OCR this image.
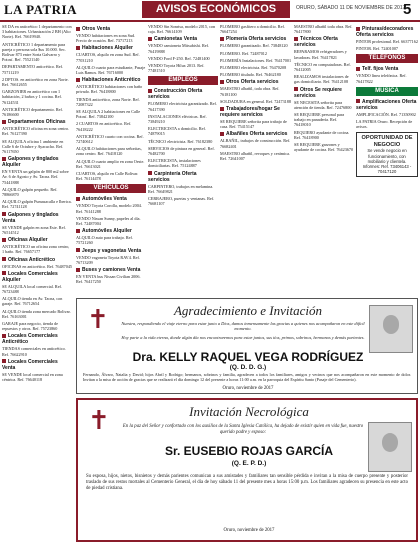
LA PATRIA	AVISOS ECONÓMICOS	ORURO, SÁBADO 11 DE NOVIEMBRE DE 2017
5
SE DA en anticrético 1 departamento con 3 habitaciones. Urbanización 2 BH (Alto Norte). Ref. 76619940.
ANTICRÉTICO 1 departamento para pareja o persona sola $us 10.000. Sec. Bolivar 873 entre Soria Galvarro y Potosí. Ref. 75521140
DEPARTAMENTO anticrético. Ref. 75711219
2 DPTOS. en anticrético en zona Norte. Ref. 76612655
GARZONIER en anticrético con 1 habitación, 2 baños y 1 cocina. Ref. 76124531
ANTICRÉTICO departamento. Ref. 76186600
Departamentos Oficinas
ANTICRÉTICO oficina en zona centro. Ref. 76127390
SE ALQUILA oficina 1 ambiente en Calle 6 de Octubre y Ayacucho. Ref. 76117650
Galpones y tinglados Alquiler
EN VENTA un galpón de 800 m2 sobre Av. 6 de Agosto y Av. Tacna. Ref. 75441888
ALQUILO galpón pequeño. Ref. 78866870
ALQUILO galpón Pumasacalla e Iberica. Ref. 72741128
Galpones y tinglados Venta
SE VENDE galpón en zona Este. Ref. 76514512
Oficinas Alquiler
ANTICRÉTICO un oficina zona centro, 1 baño. Ref. 76657177
Oficinas Anticrético
OFICINAS en anticrético. Ref. 76487045
Locales Comerciales Alquiler
SE ALQUILA local comercial. Ref. 76723488
ALQUILO tienda en Av. Tacna, con garaje. Ref. 76712654
ALQUILO tienda zona mercado Bolivar. Ref. 76163001
GARAJE para negocio, tienda de repuestos y otros. Ref. 75723860
Locales Comerciales Anticrético
TIENDAS comerciales en anticrético. Ref. 76622910
Locales Comerciales Venta
SE VENDE local comercial en zona céntrica. Ref. 76640118
Otros Venta
VENDO habitaciones en zona Sud. Precio de ocasión. Ref. 73717213
Habitaciones Alquiler
CUARTOS, alquilo en zona Sud. Ref. 77031210
ALQUILO cuarto para estudiante, Pasaje Luis Ramos. Ref. 76716000
Habitaciones Anticrético
ANTICRÉTICO habitaciones con baño privado. Ref. 76418800
TIENDA anticrético, zona Norte. Ref. 72087322
SE ALQUILA 2 habitaciones en Calle Potosí. Ref. 73842100
2 CUARTOS en anticrético. Ref. 76418222
ANTICRÉTICO cuarto con cocina. Ref. 72740612
ALQUILO habitaciones para señoritas, zona centro. Ref. 76418120
ALQUILO cuarto amplio en zona Oeste. Ref. 76613021
CUARTOS, alquilo en Calle Bolivar. Ref. 76114478
VEHÍCULOS
Automóviles Venta
VENDO Toyota Corolla, modelo 2004. Ref. 76141288
VENDO Nissan Sunny, papeles al día. Ref. 72487004
Automóviles Alquiler
ALQUILO auto para trabajo. Ref. 75721260
Jeeps y vagonetas Venta
VENDO vagoneta Toyota RAV4. Ref. 76713209
Buses y camiones Venta
EN VENTA bus Nissan Civilian 2006. Ref. 76417250
VENDO Sin Sonrisa, modelo 2015, con caja. Ref. 76614109
Camionetas Venta
VENDO camioneta Mitsubishi. Ref. 76419888
VENDO Ford F-250. Ref. 72481400
VENDO Toyota Hilux 2013. Ref. 77481510
EMPLEOS
Construcción Oferta servicios
PLOMERO electricista garantizado. Ref. 76417390
INSTALACIONES eléctricas. Ref. 73849210
ELECTRICISTA a domicilio. Ref. 74879015
TÉCNICO electricista. Ref. 76182380
SERVICIOS de pintura en general. Ref. 76482700
ELECTRICISTA, instalaciones domiciliarias. Ref. 75124887
Carpintería Oferta servicios
CARPINTERO, trabajos en melamina. Ref. 76649821
CERRAJERO, puertas y ventanas. Ref. 76681107
PLOMERO gasfitero a domicilio. Ref. 76647254
Plomería Oferta servicios
PLOMERO garantizado. Ref. 73848120
PLOMERO. Ref. 72487012
PLOMERÍA Instalaciones. Ref. 76417001
PLOMERO electricista. Ref. 76470208
PLOMERO titulado. Ref. 76462180
Otros Oferta servicios
MAESTRO albañil, toda obra. Ref. 76181100
SOLDADURA en general. Ref. 72473188
Trabajadores/hogar Se requiere servicios
SE REQUIERE señorita para trabajo de casa. Ref. 75415147
Albañiles Oferta servicios
ALBAÑIL, trabajos de construcción. Ref. 76682401
MAESTRO albañil, revoques y cerámica. Ref. 72641007
MAESTRO albañil toda obra. Ref. 76417800
Técnicos Oferta servicios
REPARAMOS refrigeradores y lavadoras. Ref. 76417821
TÉCNICO en computadoras. Ref. 76412005
REALIZAMOS instalaciones de gas domiciliario. Ref. 76412108
Otros Se requiere servicios
SE NECESITA señorita para atención de tienda. Ref. 72476800
SE REQUIERE personal para trabajo en panadería. Ref. 76418010
REQUIERO ayudante de cocina. Ref. 76418900
SE REQUIERE garzones y ayudante de cocina. Ref. 76423670
Pinturas/decoradores Oferta servicios
PINTOR profesional. Ref. 66377162
PINTOR. Ref. 72401007
TELÉFONOS
Telf. fijos Venta
VENDO línea telefónica. Ref. 76417822
MÚSICA
Amplificaciones Oferta servicios
AMPLIFICACIÓN. Ref. 71350902
LA PATRIA Oruro. Recepción de avisos.
OPORTUNIDAD DE NEGOCIO
Se vende negocio en funcionamiento, con mobiliario y clientela. Informes: Ref. 73406143 - 70417120
✝	Agradecimiento e Invitación
Nuestra, respondiendo el viaje eterno para estar junto a Dios, damos inmensamente las gracias a quienes nos acompañaron en este difícil momento.
Hoy parte a la vida eterna, donde algún día nos encontraremos para estar juntos, sus tíos, primos, sobrinos, hermanos y demás parientes.
Dra. KELLY RAQUEL VEGA RODRÍGUEZ
(Q. D. D. G.)
Fernando, Álvaro, Natalia y David; hijos Abril y Rodrigo; hermanos, sobrinos y familia, agradecen a todos los familiares, amigos y vecinos que nos acompañaron en este momento de dolor. Invitan a la misa de acción de gracias que se realizará el día domingo 12 del presente a horas 11:00 a.m. en la parroquia del Espíritu Santo (Pasaje del Cementerio).
Oruro, noviembre de 2017
✝	Invitación Necrológica
En la paz del Señor y confortado con los auxilios de la Santa Iglesia Católica, ha dejado de existir quien en vida fue, nuestro querido padre y esposo:
Sr. EUSEBIO ROJAS GARCÍA
(Q. E. P. D.)
Su esposa, hijos, nietos, bisnietos y demás parientes comunican a sus amistades y familiares tan sensible pérdida e invitan a la misa de cuerpo presente y posterior traslado de sus restos mortales al Cementerio General, el día de hoy sábado 11 del presente mes a horas 15:00 p.m. Los familiares agradecen su presencia en este acto de piedad cristiana.
Oruro, noviembre de 2017
